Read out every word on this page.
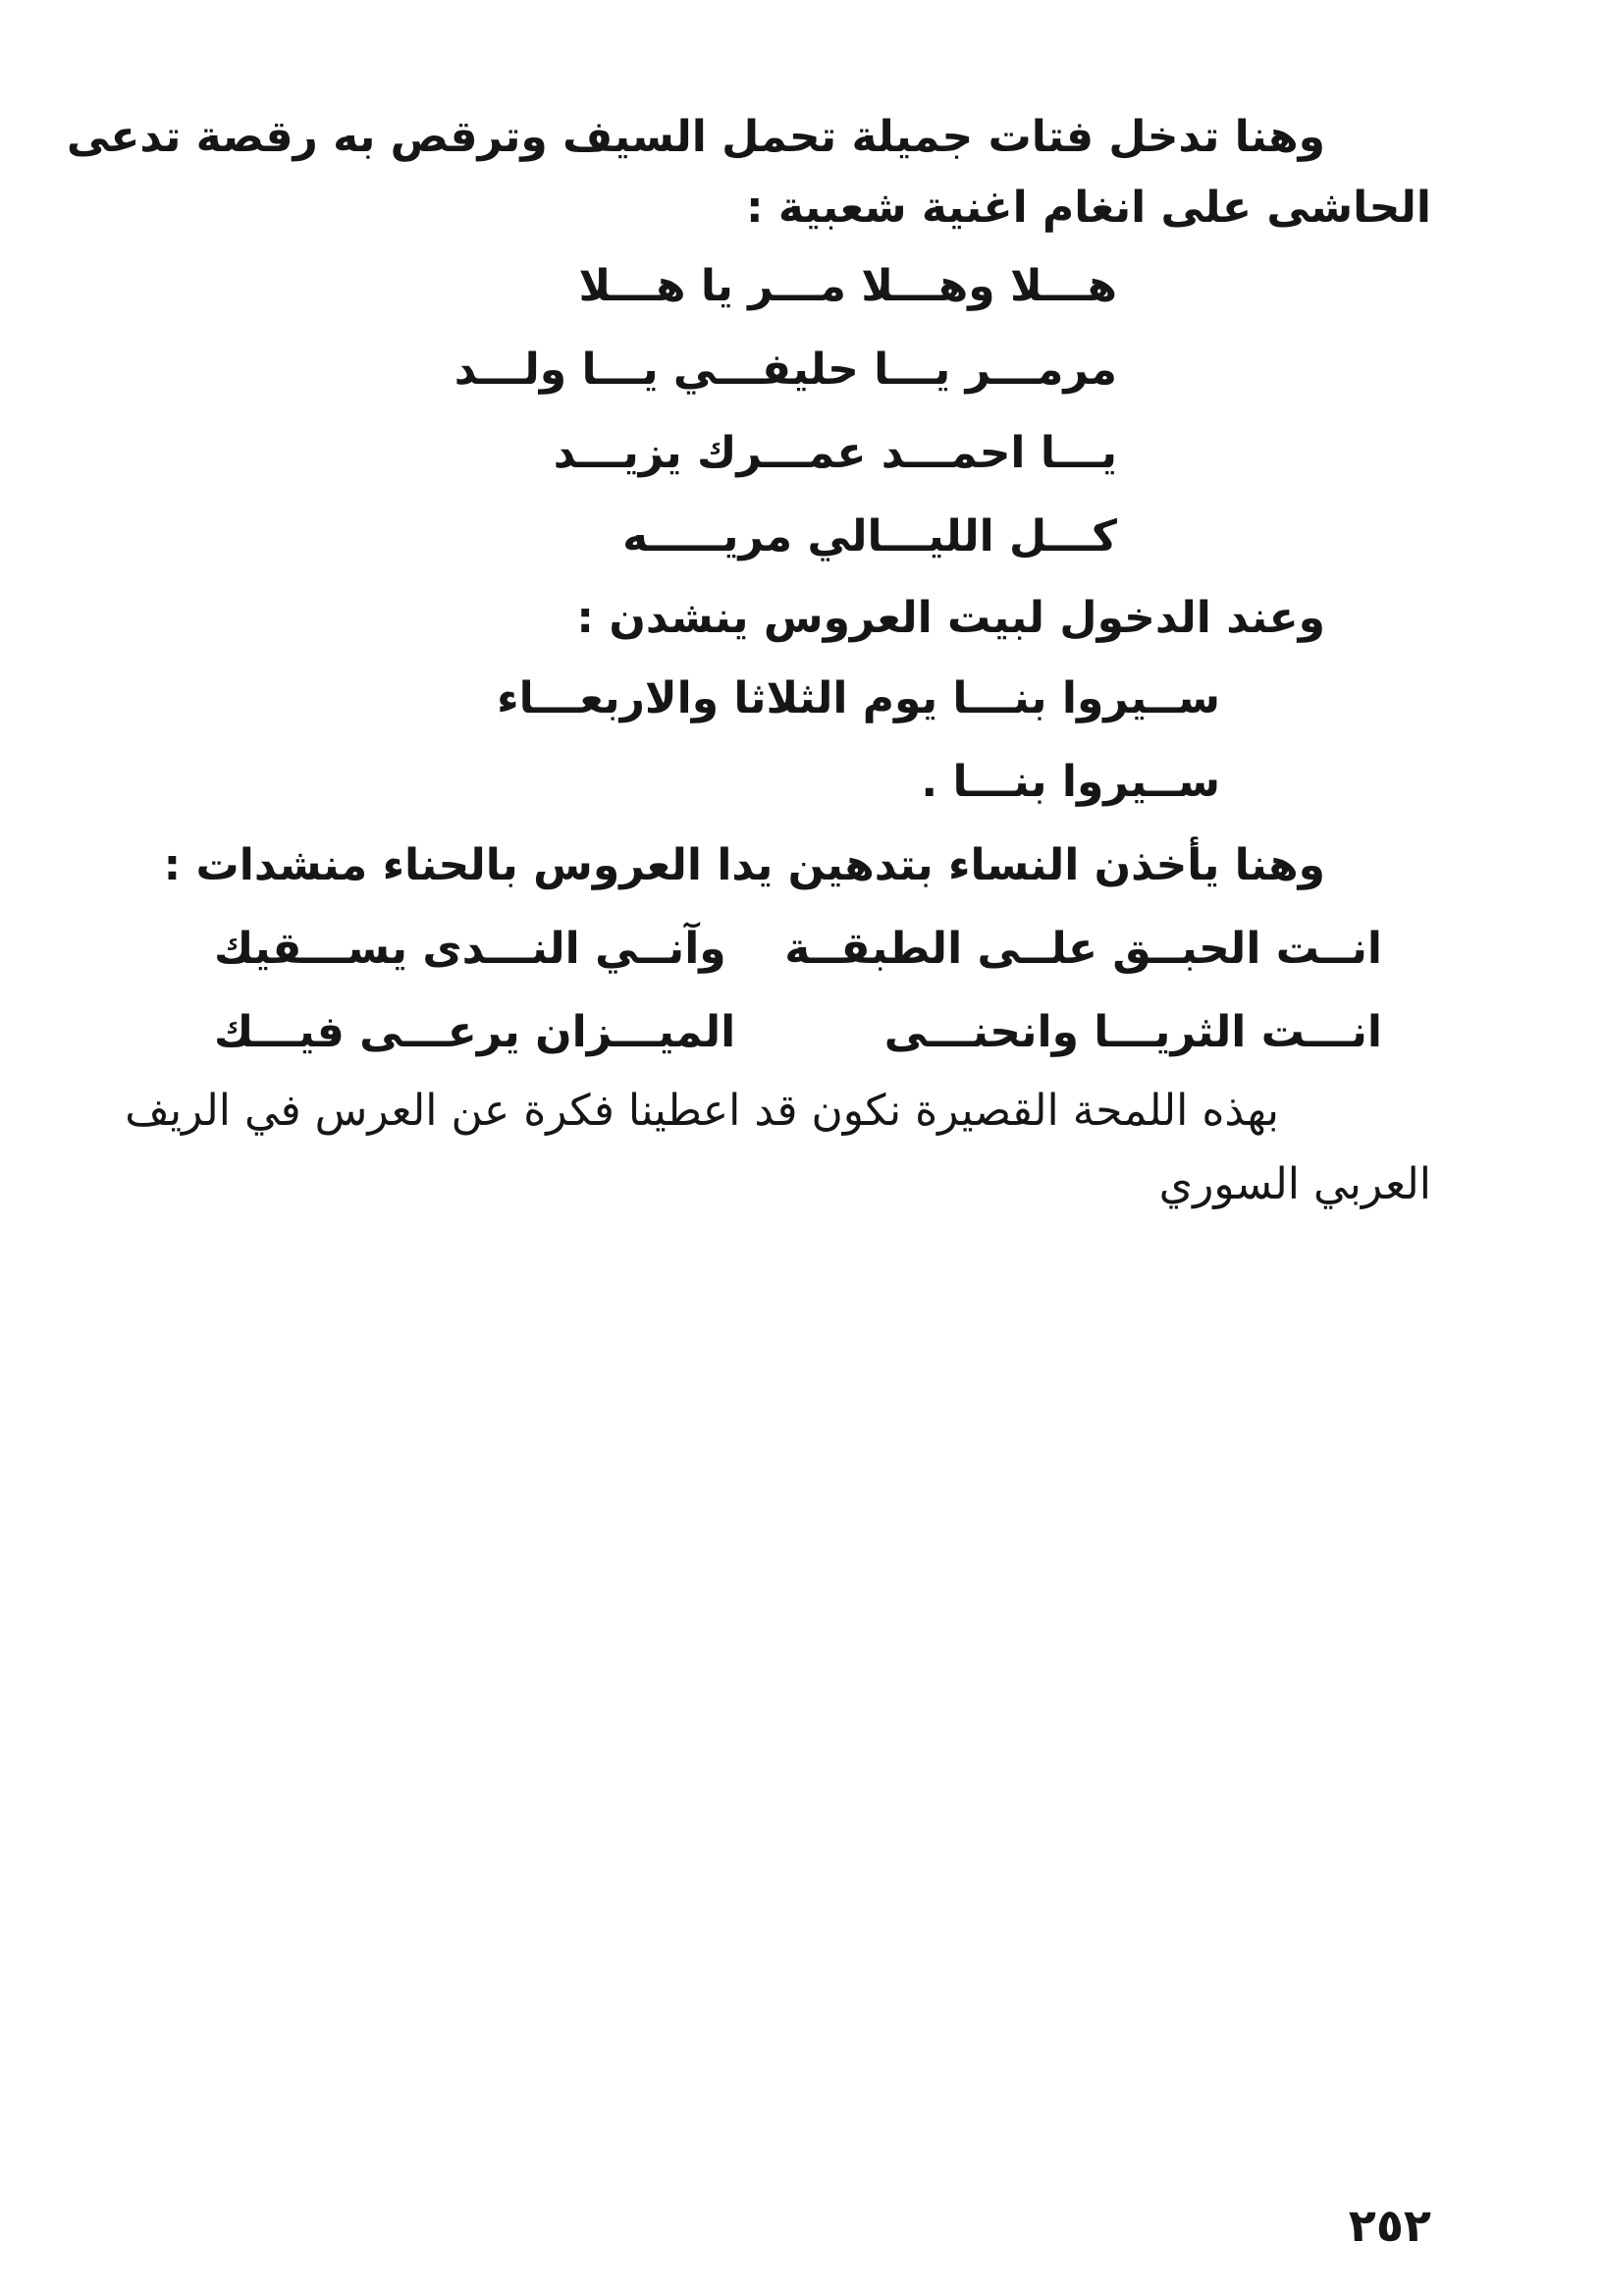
وهنا تدخل فتات جميلة تحمل السيف وترقص به رقصة تدعى
الحاشى على انغام اغنية شعبية :
هـــلا وهـــلا مـــر يا هـــلا
مرمـــر يـــا حليفـــي يـــا ولـــد
يـــا احمـــد عمـــرك يزيـــد
كـــل الليـــالي مريـــــه
وعند الدخول لبيت العروس ينشدن :
ســيروا بنـــا يوم الثلاثا والاربعـــاء
ســيروا بنـــا .
وهنا يأخذن النساء بتدهين يدا العروس بالحناء منشدات :
انــت الحبــق علــى الطبقــة
وآنــي النـــدى يســـقيك
انـــت الثريـــا وانحنـــى
الميـــزان يرعـــى فيـــك
بهذه اللمحة القصيرة نكون قد اعطينا فكرة عن العرس في الريف
العربي السوري
٢٥٢
